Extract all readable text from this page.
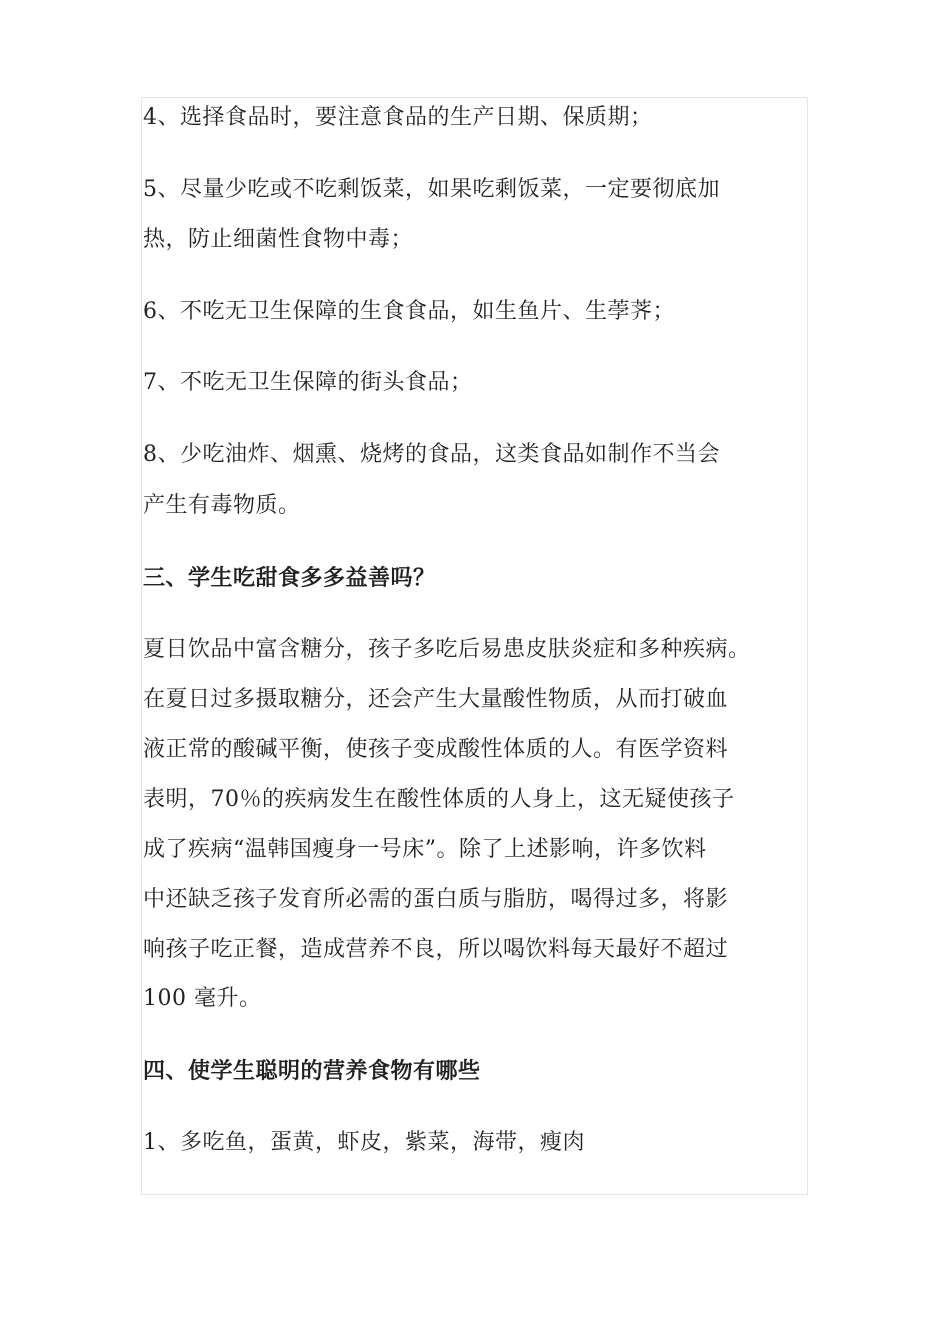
4、选择食品时，要注意食品的生产日期、保质期；
5、尽量少吃或不吃剩饭菜，如果吃剩饭菜，一定要彻底加
热，防止细菌性食物中毒；
6、不吃无卫生保障的生食食品，如生鱼片、生荸荠；
7、不吃无卫生保障的街头食品；
8、少吃油炸、烟熏、烧烤的食品，这类食品如制作不当会
产生有毒物质。
三、学生吃甜食多多益善吗？
夏日饮品中富含糖分，孩子多吃后易患皮肤炎症和多种疾病。
在夏日过多摄取糖分，还会产生大量酸性物质，从而打破血
液正常的酸碱平衡，使孩子变成酸性体质的人。有医学资料
表明，70％的疾病发生在酸性体质的人身上，这无疑使孩子
成了疾病“温韩国瘦身一号床”。除了上述影响，许多饮料
中还缺乏孩子发育所必需的蛋白质与脂肪，喝得过多，将影
响孩子吃正餐，造成营养不良，所以喝饮料每天最好不超过
100 毫升。
四、使学生聪明的营养食物有哪些
1、多吃鱼，蛋黄，虾皮，紫菜，海带，瘦肉
